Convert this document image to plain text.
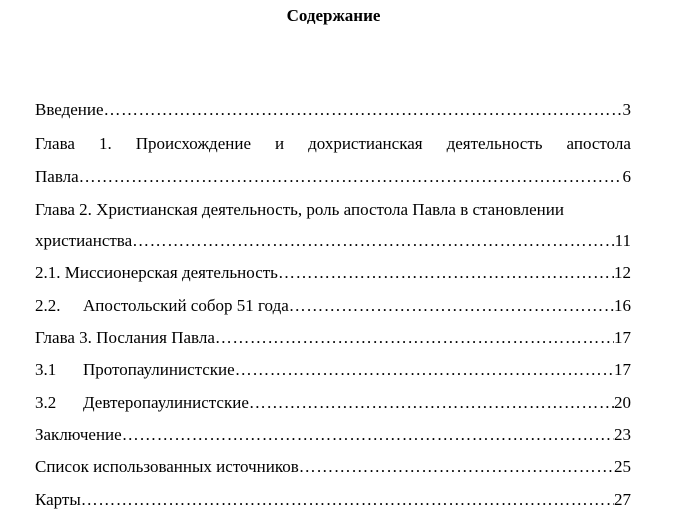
Содержание
Введение …………………………………………………………………………………………………………………………………………………………………………………	3
Глава 1. Происхождение и дохристианская деятельность апостола
Павла …………………………………………………………………………………………………………………………………………………………………………………	6
Глава 2. Христианская деятельность, роль апостола Павла в становлении
христианства …………………………………………………………………………………………………………………………………………………………………………………	11
2.1. Миссионерская деятельность …………………………………………………………………………………………………………………………………………………………………………………	12
2.2.	Апостольский собор 51 года …………………………………………………………………………………………………………………………………………………………………………………	16
Глава 3. Послания Павла …………………………………………………………………………………………………………………………………………………………………………………	17
3.1	Протопаулинистские …………………………………………………………………………………………………………………………………………………………………………………	17
3.2	Девтеропаулинистские …………………………………………………………………………………………………………………………………………………………………………………	20
Заключение …………………………………………………………………………………………………………………………………………………………………………………	23
Список использованных источников …………………………………………………………………………………………………………………………………………………………………………………	25
Карты …………………………………………………………………………………………………………………………………………………………………………………	27
